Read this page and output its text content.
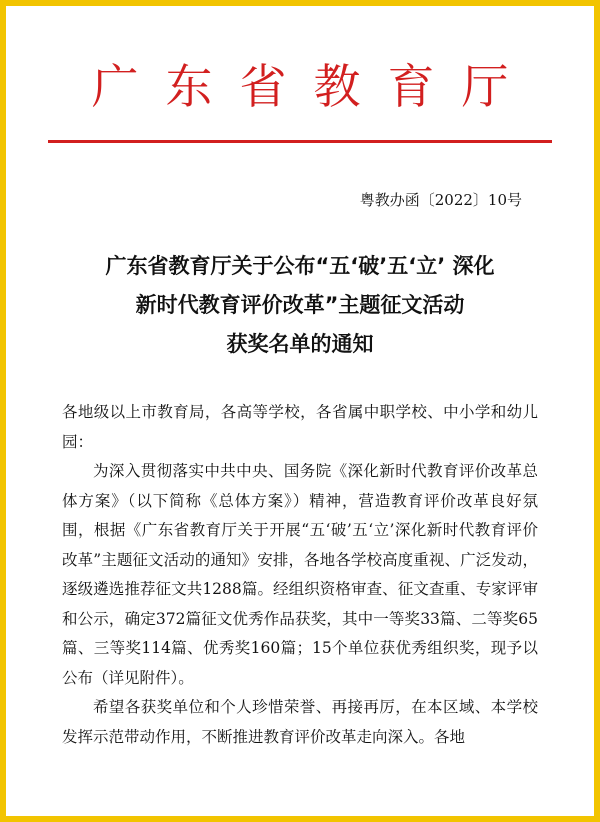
广东省教育厅
粤教办函〔2022〕10号
广东省教育厅关于公布“五‘破’五‘立’ 深化
新时代教育评价改革”主题征文活动
获奖名单的通知

各地级以上市教育局，各高等学校，各省属中职学校、中小学和幼儿园：

为深入贯彻落实中共中央、国务院《深化新时代教育评价改革总体方案》（以下简称《总体方案》）精神，营造教育评价改革良好氛围，根据《广东省教育厅关于开展“五‘破’五‘立’深化新时代教育评价改革”主题征文活动的通知》安排，各地各学校高度重视、广泛发动，逐级遴选推荐征文共1288篇。经组织资格审查、征文查重、专家评审和公示，确定372篇征文优秀作品获奖，其中一等奖33篇、二等奖65篇、三等奖114篇、优秀奖160篇；15个单位获优秀组织奖，现予以公布（详见附件）。

希望各获奖单位和个人珍惜荣誉、再接再厉，在本区域、本学校发挥示范带动作用，不断推进教育评价改革走向深入。各地
